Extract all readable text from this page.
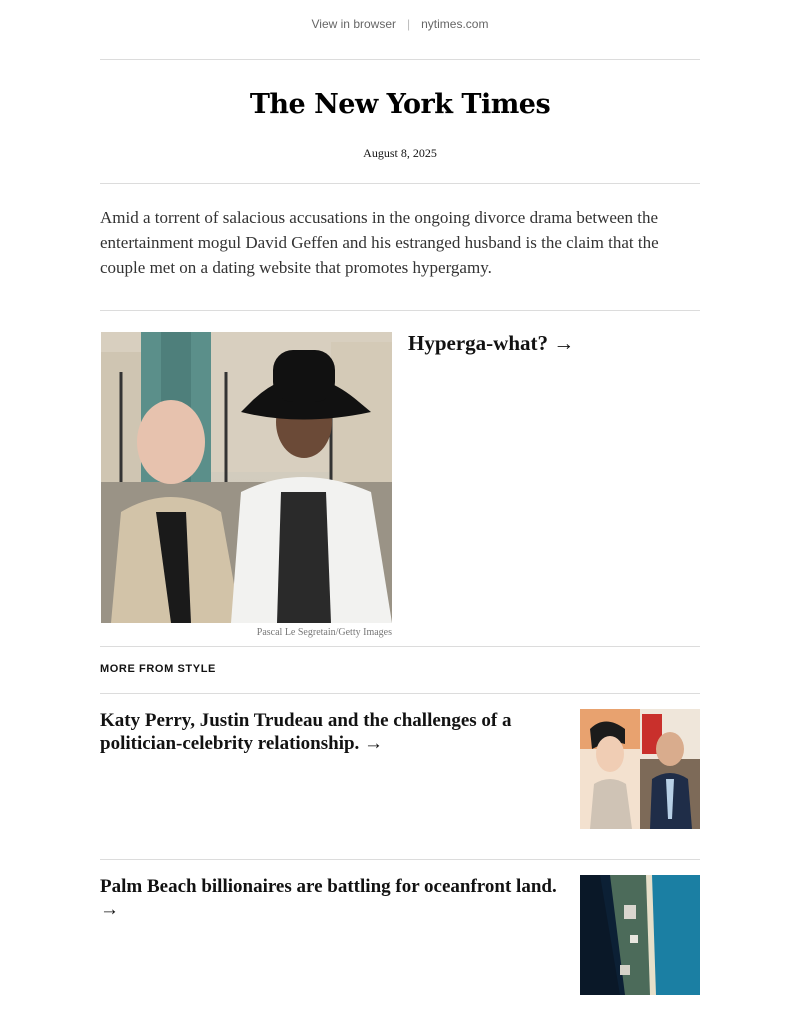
View in browser | nytimes.com
The New York Times
August 8, 2025

Amid a torrent of salacious accusations in the ongoing divorce drama between the entertainment mogul David Geffen and his estranged husband is the claim that the couple met on a dating website that promotes hypergamy.

Pascal Le Segretain/Getty Images
Hyperga-what? →
MORE FROM STYLE
Katy Perry, Justin Trudeau and the challenges of a politician-celebrity relationship. →
Palm Beach billionaires are battling for oceanfront land. →
